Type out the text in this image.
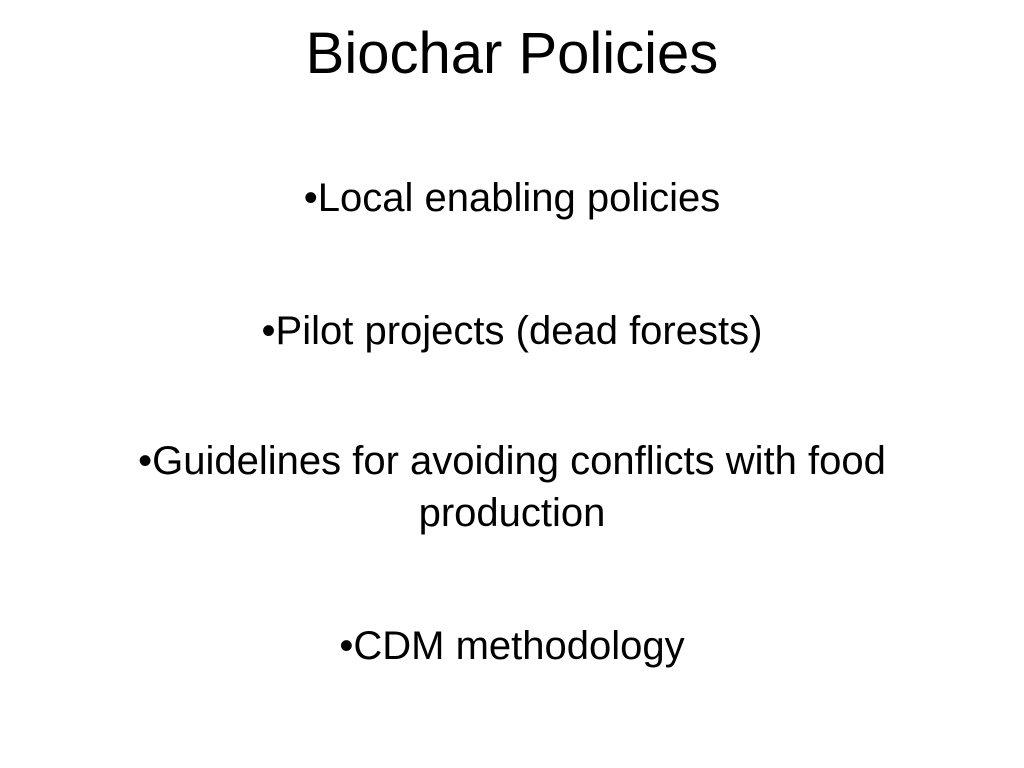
Biochar Policies

•Local enabling policies

•Pilot projects (dead forests)

•Guidelines for avoiding conflicts with food production

•CDM methodology
